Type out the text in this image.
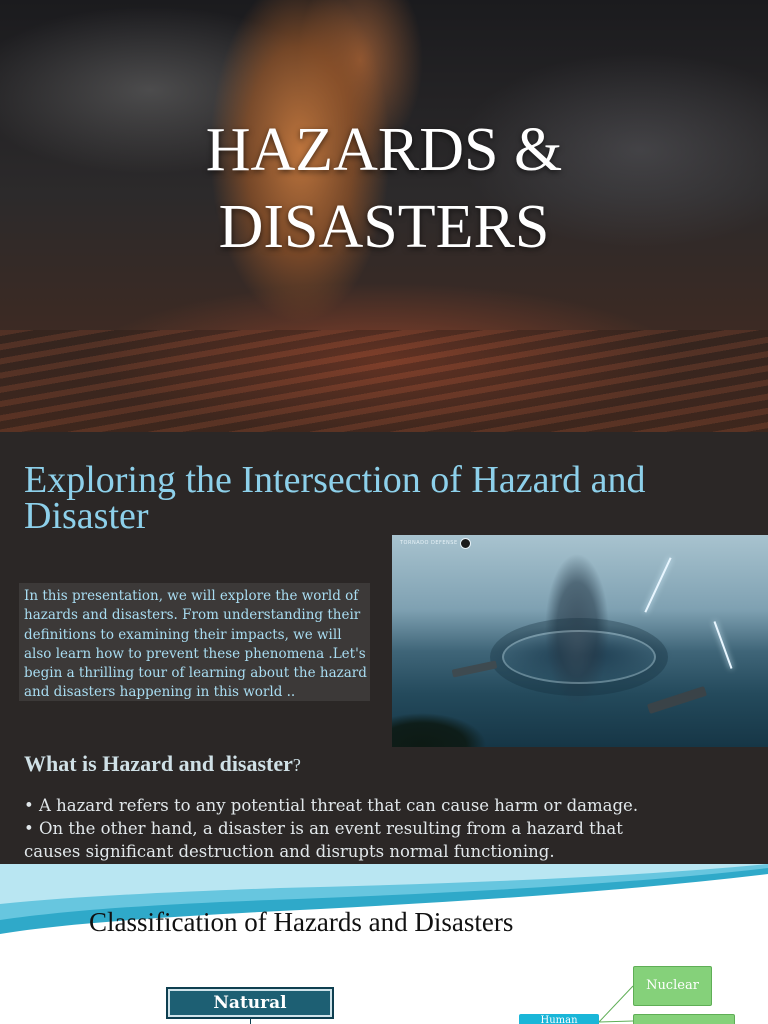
HAZARDS & DISASTERS
Exploring the Intersection of Hazard and Disaster

In this presentation, we will explore the world of hazards and disasters. From understanding their definitions to examining their impacts, we will also learn how to prevent these phenomena .Let's begin a thrilling tour of learning about the hazard and disasters happening in this world ..

TORNADO DEFENSE
What is Hazard and disaster?
• A hazard refers to any potential threat that can cause harm or damage.
• On the other hand, a disaster is an event resulting from a hazard that causes significant destruction and disrupts normal functioning.
Classification of Hazards and Disasters
Natural
Nuclear
Human
